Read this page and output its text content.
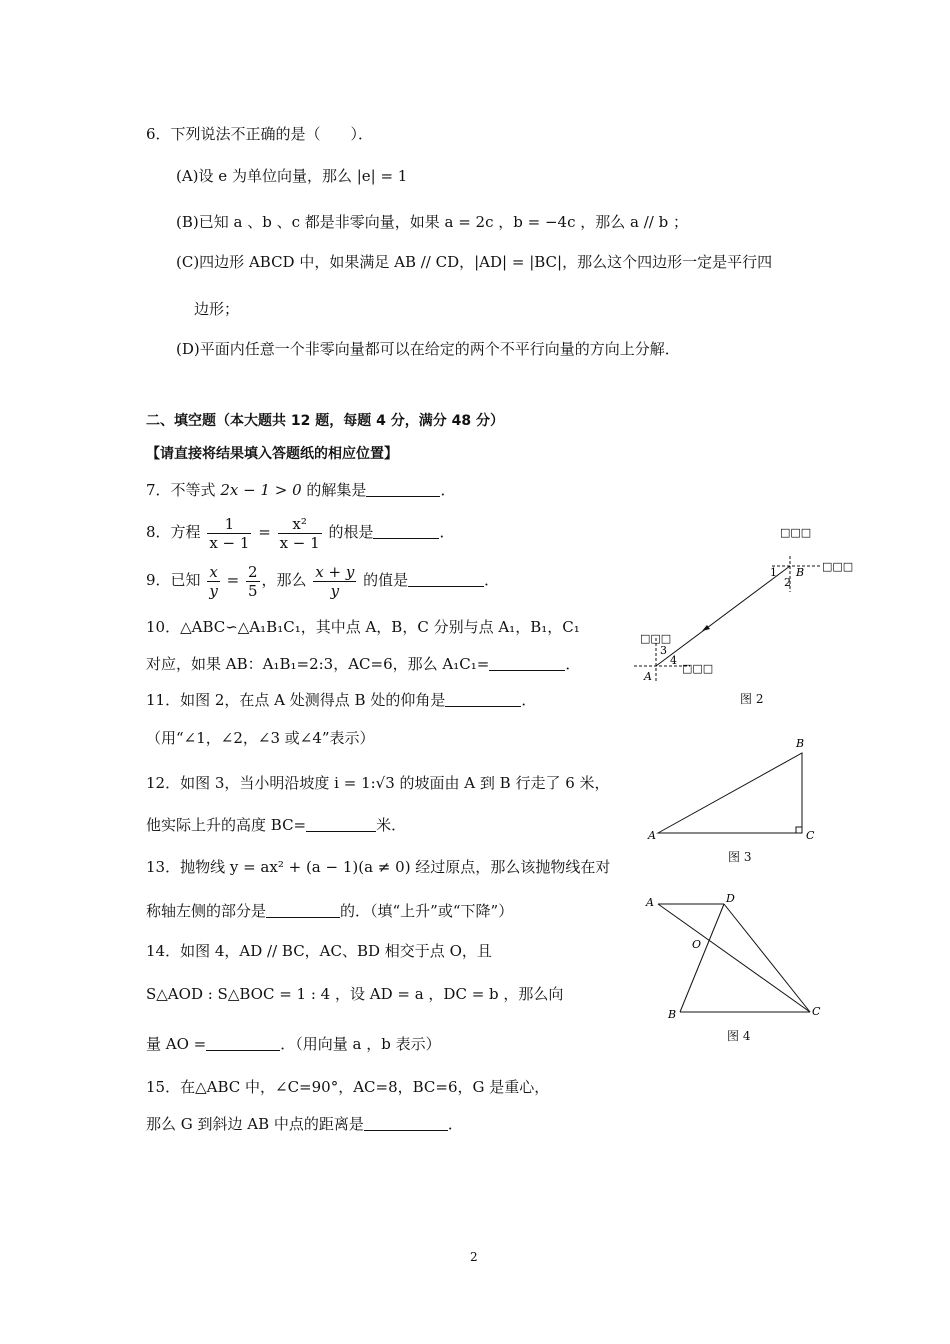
6．下列说法不正确的是（　　）．
(A)设 e 为单位向量，那么 |e| = 1
(B)已知 a 、b 、c 都是非零向量，如果 a = 2c ，b = −4c ，那么 a // b ；
(C)四边形 ABCD 中，如果满足 AB // CD，|AD| = |BC|，那么这个四边形一定是平行四
边形；
(D)平面内任意一个非零向量都可以在给定的两个不平行向量的方向上分解．
二、填空题（本大题共 12 题，每题 4 分，满分 48 分）
【请直接将结果填入答题纸的相应位置】
7．不等式 2x − 1 > 0 的解集是	．
8．方程 $\frac{1}{x - 1} = \frac{\text{x²}}{x - 1}$ 的根是	．
9．已知 $\frac{x}{y} = \frac{2}{5}$ ，那么 $\frac{x + y}{y}$ 的值是	．
10．△ABC∽△A₁B₁C₁，其中点 A，B，C 分别与点 A₁，B₁，C₁
对应，如果 AB：A₁B₁=2:3，AC=6，那么 A₁C₁=	．
11．如图 2，在点 A 处测得点 B 处的仰角是	．
（用“∠1，∠2，∠3 或∠4”表示）
12．如图 3，当小明沿坡度 i = 1:√3 的坡面由 A 到 B 行走了 6 米，
他实际上升的高度 BC=	米．
13．抛物线 y = ax² + (a − 1)(a ≠ 0) 经过原点，那么该抛物线在对
称轴左侧的部分是	的．（填“上升”或“下降”）
14．如图 4，AD // BC，AC、BD 相交于点 O，且
S△AOD : S△BOC = 1 : 4 ，设 AD = a ，DC = b ，那么向
量 AO =	．（用向量 a ，b 表示）
15．在△ABC 中，∠C=90°，AC=8，BC=6，G 是重心，
那么 G 到斜边 AB 中点的距离是	．
□□□
□□□
□□□
□□□
A
B
1
2
3
4
图 2
A
B
C
图 3
A	D
O
B	C
图 4
2
